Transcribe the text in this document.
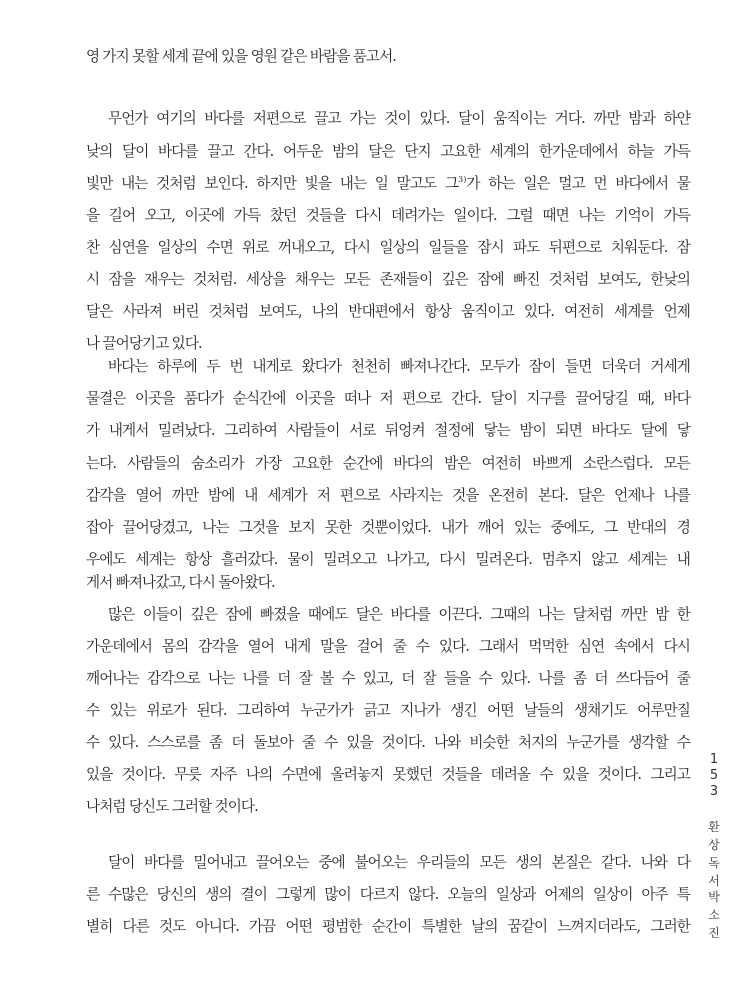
영 가지 못할 세계 끝에 있을 영원 같은 바람을 품고서.
무언가 여기의 바다를 저편으로 끌고 가는 것이 있다. 달이 움직이는 거다. 까만 밤과 하얀
낮의 달이 바다를 끌고 간다. 어두운 밤의 달은 단지 고요한 세계의 한가운데에서 하늘 가득
빛만 내는 것처럼 보인다. 하지만 빛을 내는 일 말고도 그$^{3)}$가 하는 일은 멀고 먼 바다에서 물
을 길어 오고, 이곳에 가득 찼던 것들을 다시 데려가는 일이다. 그럴 때면 나는 기억이 가득
찬 심연을 일상의 수면 위로 꺼내오고, 다시 일상의 일들을 잠시 파도 뒤편으로 치워둔다. 잠
시 잠을 재우는 것처럼. 세상을 채우는 모든 존재들이 깊은 잠에 빠진 것처럼 보여도, 한낮의
달은 사라져 버린 것처럼 보여도, 나의 반대편에서 항상 움직이고 있다. 여전히 세계를 언제
나 끌어당기고 있다.
바다는 하루에 두 번 내게로 왔다가 천천히 빠져나간다. 모두가 잠이 들면 더욱더 거세게
물결은 이곳을 품다가 순식간에 이곳을 떠나 저 편으로 간다. 달이 지구를 끌어당길 때, 바다
가 내게서 밀려났다. 그리하여 사람들이 서로 뒤엉켜 절정에 닿는 밤이 되면 바다도 달에 닿
는다. 사람들의 숨소리가 가장 고요한 순간에 바다의 밤은 여전히 바쁘게 소란스럽다. 모든
감각을 열어 까만 밤에 내 세계가 저 편으로 사라지는 것을 온전히 본다. 달은 언제나 나를
잡아 끌어당겼고, 나는 그것을 보지 못한 것뿐이었다. 내가 깨어 있는 중에도, 그 반대의 경
우에도 세계는 항상 흘러갔다. 물이 밀려오고 나가고, 다시 밀려온다. 멈추지 않고 세계는 내
게서 빠져나갔고, 다시 돌아왔다.
많은 이들이 깊은 잠에 빠졌을 때에도 달은 바다를 이끈다. 그때의 나는 달처럼 까만 밤 한
가운데에서 몸의 감각을 열어 내게 말을 걸어 줄 수 있다. 그래서 먹먹한 심연 속에서 다시
깨어나는 감각으로 나는 나를 더 잘 볼 수 있고, 더 잘 들을 수 있다. 나를 좀 더 쓰다듬어 줄
수 있는 위로가 된다. 그리하여 누군가가 긁고 지나가 생긴 어떤 날들의 생채기도 어루만질
수 있다. 스스로를 좀 더 돌보아 줄 수 있을 것이다. 나와 비슷한 처지의 누군가를 생각할 수
있을 것이다. 무릇 자주 나의 수면에 올려놓지 못했던 것들을 데려올 수 있을 것이다. 그리고
나처럼 당신도 그러할 것이다.
달이 바다를 밀어내고 끌어오는 중에 불어오는 우리들의 모든 생의 본질은 같다. 나와 다
른 수많은 당신의 생의 결이 그렇게 많이 다르지 않다. 오늘의 일상과 어제의 일상이 아주 특
별히 다른 것도 아니다. 가끔 어떤 평범한 순간이 특별한 날의 꿈같이 느껴지더라도, 그러한
1
5
3
환
상
독
서
박
소
진
